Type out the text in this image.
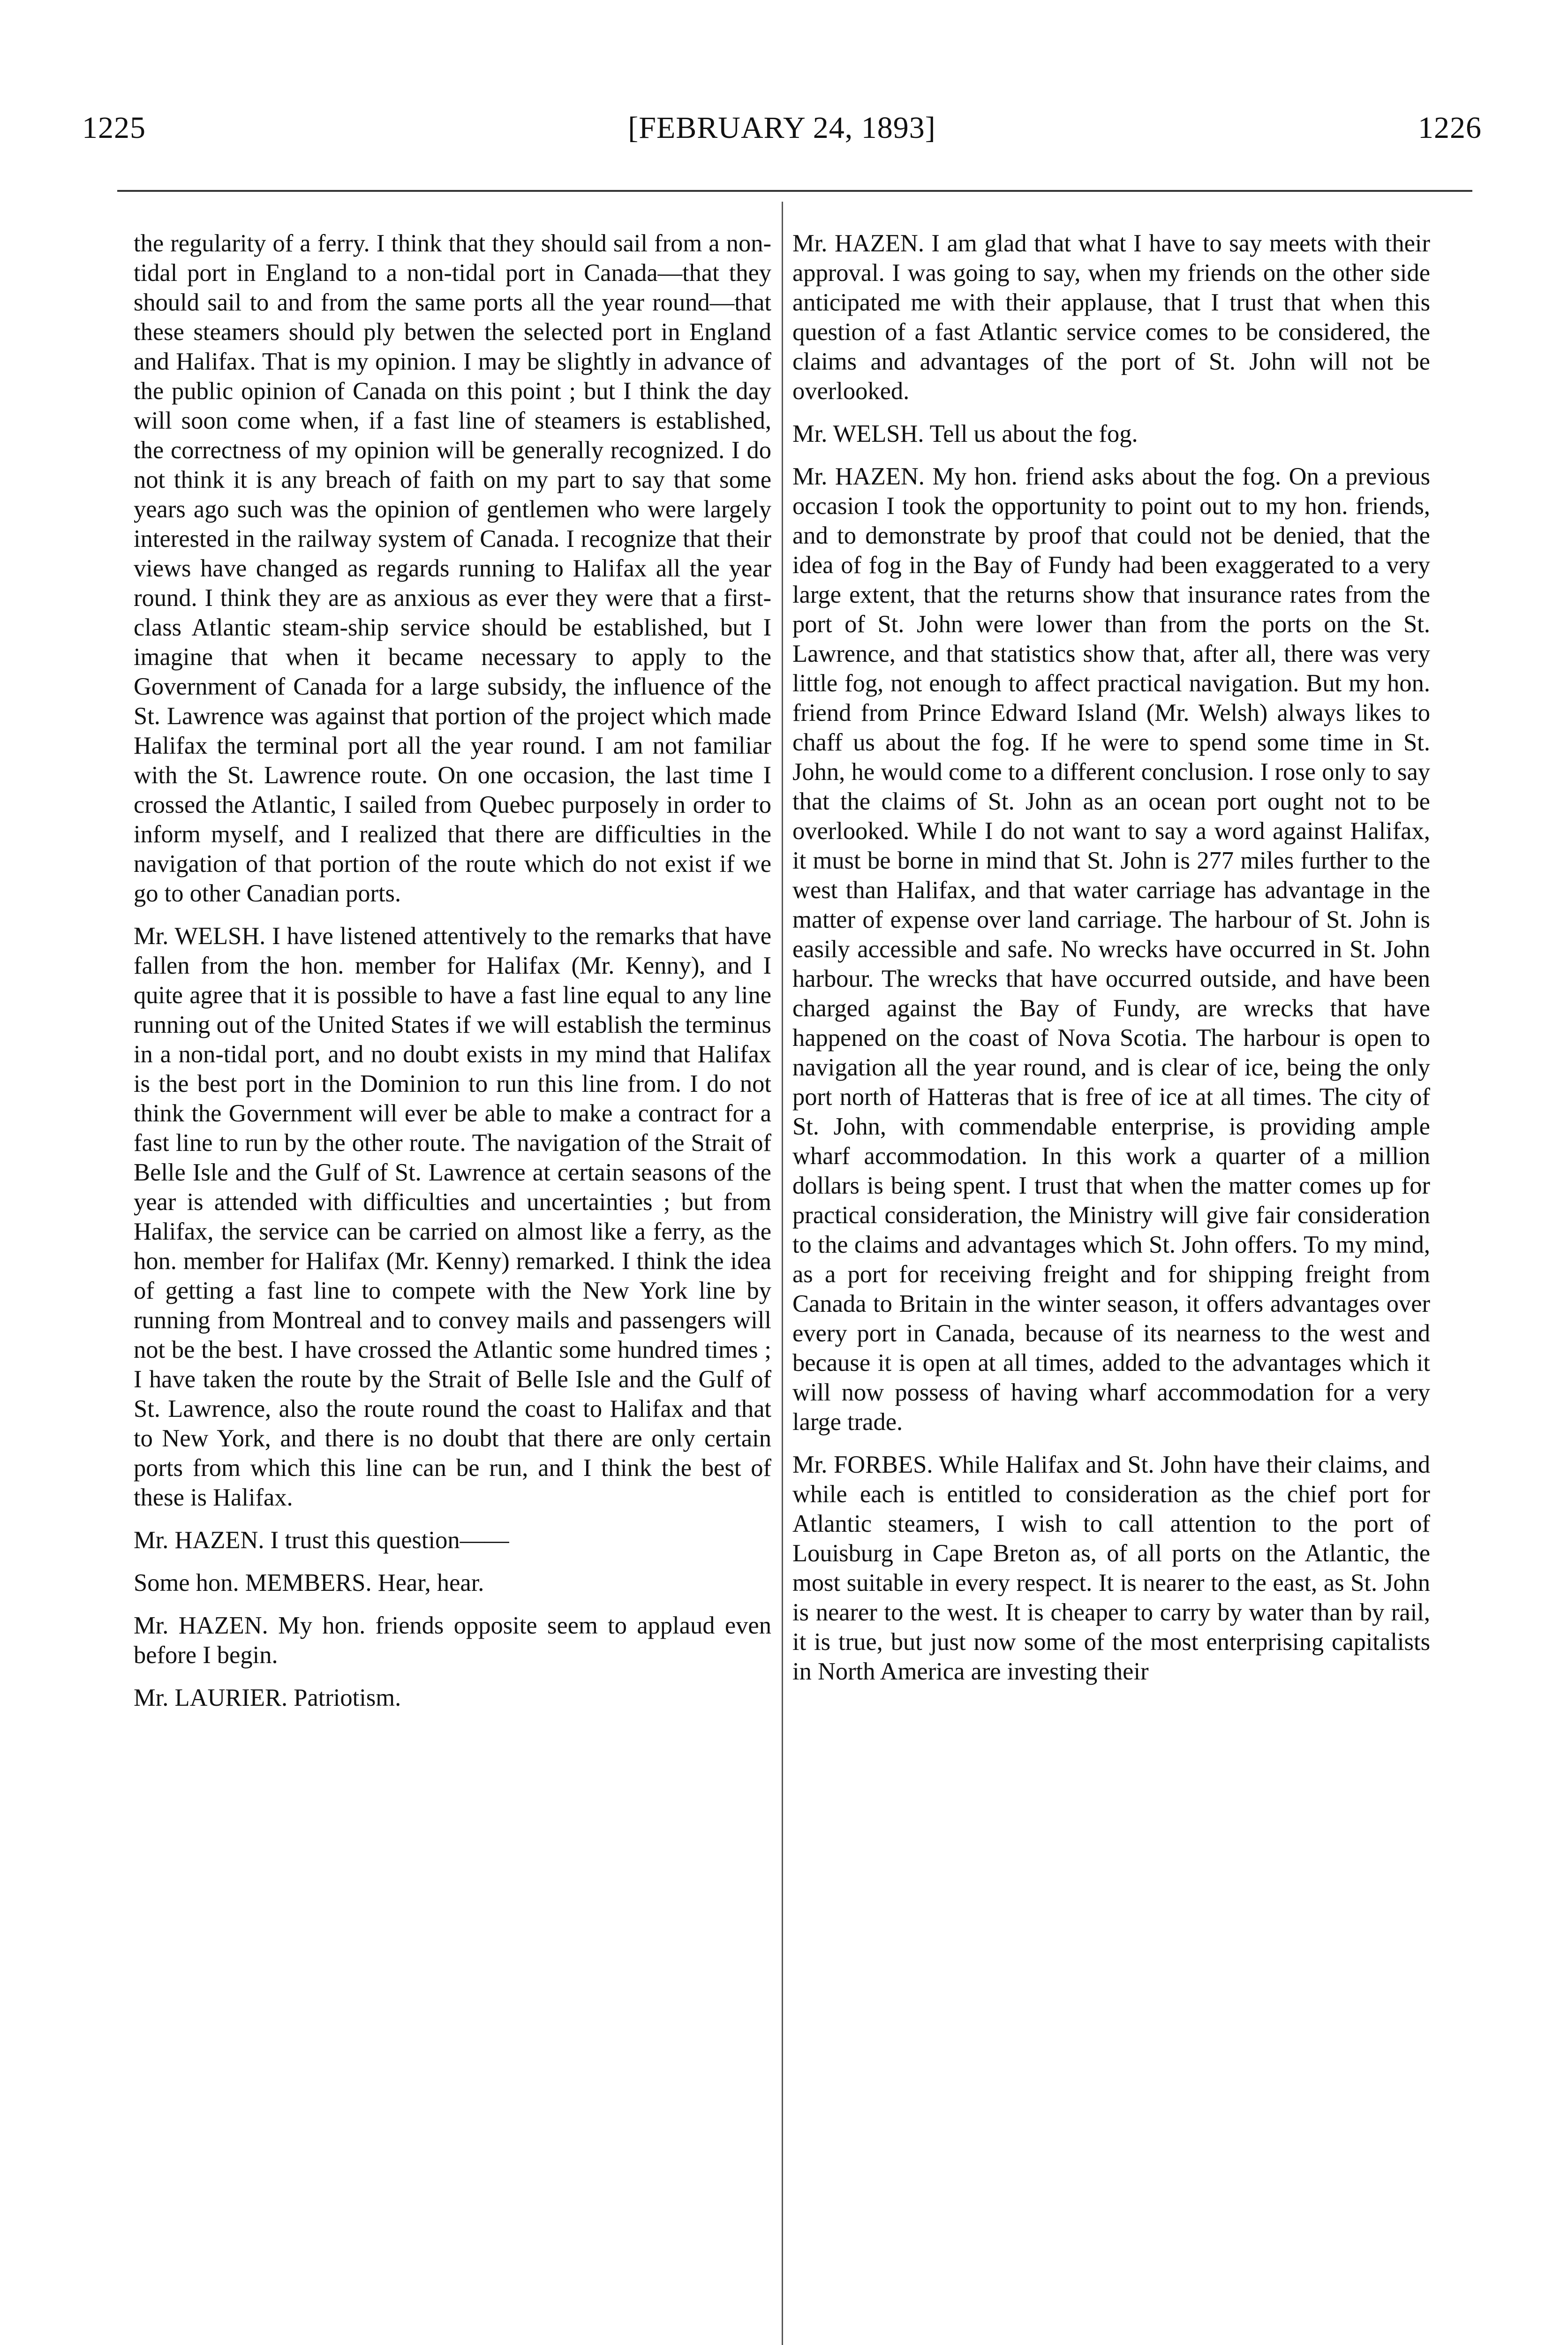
1225	[FEBRUARY 24, 1893]	1226

the regularity of a ferry. I think that they should sail from a non-tidal port in England to a non-tidal port in Canada—that they should sail to and from the same ports all the year round—that these steamers should ply betwen the selected port in England and Halifax. That is my opinion. I may be slightly in advance of the public opinion of Canada on this point ; but I think the day will soon come when, if a fast line of steamers is established, the correctness of my opinion will be generally recognized. I do not think it is any breach of faith on my part to say that some years ago such was the opinion of gentlemen who were largely interested in the railway system of Canada. I recognize that their views have changed as regards running to Halifax all the year round. I think they are as anxious as ever they were that a first-class Atlantic steam-ship service should be established, but I imagine that when it became necessary to apply to the Government of Canada for a large subsidy, the influence of the St. Lawrence was against that portion of the project which made Halifax the terminal port all the year round. I am not familiar with the St. Lawrence route. On one occasion, the last time I crossed the Atlantic, I sailed from Quebec purposely in order to inform myself, and I realized that there are difficulties in the navigation of that portion of the route which do not exist if we go to other Canadian ports.

Mr. WELSH. I have listened attentively to the remarks that have fallen from the hon. member for Halifax (Mr. Kenny), and I quite agree that it is possible to have a fast line equal to any line running out of the United States if we will establish the terminus in a non-tidal port, and no doubt exists in my mind that Halifax is the best port in the Dominion to run this line from. I do not think the Government will ever be able to make a contract for a fast line to run by the other route. The navigation of the Strait of Belle Isle and the Gulf of St. Lawrence at certain seasons of the year is attended with difficulties and uncertainties ; but from Halifax, the service can be carried on almost like a ferry, as the hon. member for Halifax (Mr. Kenny) remarked. I think the idea of getting a fast line to compete with the New York line by running from Montreal and to convey mails and passengers will not be the best. I have crossed the Atlantic some hundred times ; I have taken the route by the Strait of Belle Isle and the Gulf of St. Lawrence, also the route round the coast to Halifax and that to New York, and there is no doubt that there are only certain ports from which this line can be run, and I think the best of these is Halifax.

Mr. HAZEN. I trust this question——

Some hon. MEMBERS. Hear, hear.

Mr. HAZEN. My hon. friends opposite seem to applaud even before I begin.

Mr. LAURIER. Patriotism.

Mr. HAZEN. I am glad that what I have to say meets with their approval. I was going to say, when my friends on the other side anticipated me with their applause, that I trust that when this question of a fast Atlantic service comes to be considered, the claims and advantages of the port of St. John will not be overlooked.

Mr. WELSH. Tell us about the fog.

Mr. HAZEN. My hon. friend asks about the fog. On a previous occasion I took the opportunity to point out to my hon. friends, and to demonstrate by proof that could not be denied, that the idea of fog in the Bay of Fundy had been exaggerated to a very large extent, that the returns show that insurance rates from the port of St. John were lower than from the ports on the St. Lawrence, and that statistics show that, after all, there was very little fog, not enough to affect practical navigation. But my hon. friend from Prince Edward Island (Mr. Welsh) always likes to chaff us about the fog. If he were to spend some time in St. John, he would come to a different conclusion. I rose only to say that the claims of St. John as an ocean port ought not to be overlooked. While I do not want to say a word against Halifax, it must be borne in mind that St. John is 277 miles further to the west than Halifax, and that water carriage has advantage in the matter of expense over land carriage. The harbour of St. John is easily accessible and safe. No wrecks have occurred in St. John harbour. The wrecks that have occurred outside, and have been charged against the Bay of Fundy, are wrecks that have happened on the coast of Nova Scotia. The harbour is open to navigation all the year round, and is clear of ice, being the only port north of Hatteras that is free of ice at all times. The city of St. John, with commendable enterprise, is providing ample wharf accommodation. In this work a quarter of a million dollars is being spent. I trust that when the matter comes up for practical consideration, the Ministry will give fair consideration to the claims and advantages which St. John offers. To my mind, as a port for receiving freight and for shipping freight from Canada to Britain in the winter season, it offers advantages over every port in Canada, because of its nearness to the west and because it is open at all times, added to the advantages which it will now possess of having wharf accommodation for a very large trade.

Mr. FORBES. While Halifax and St. John have their claims, and while each is entitled to consideration as the chief port for Atlantic steamers, I wish to call attention to the port of Louisburg in Cape Breton as, of all ports on the Atlantic, the most suitable in every respect. It is nearer to the east, as St. John is nearer to the west. It is cheaper to carry by water than by rail, it is true, but just now some of the most enterprising capitalists in North America are investing their
